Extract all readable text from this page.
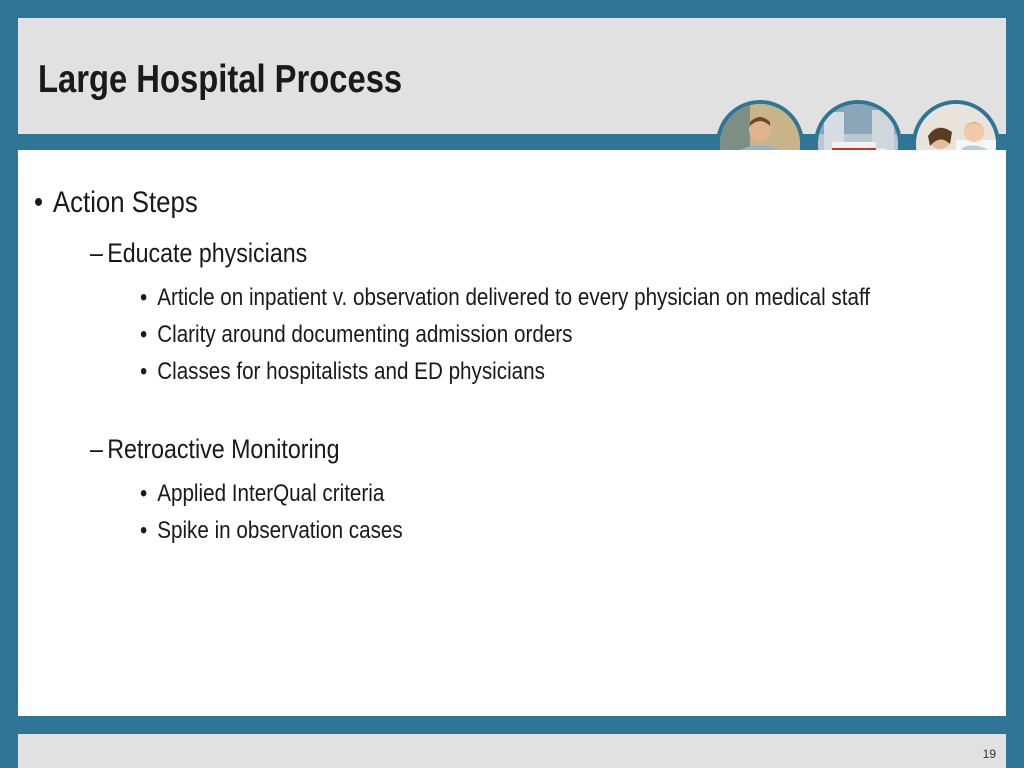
Large Hospital Process
• Action Steps
– Educate physicians
• Article on inpatient v. observation delivered to every physician on medical staff
• Clarity around documenting admission orders
• Classes for hospitalists and ED physicians
– Retroactive Monitoring
• Applied InterQual criteria
• Spike in observation cases
19
